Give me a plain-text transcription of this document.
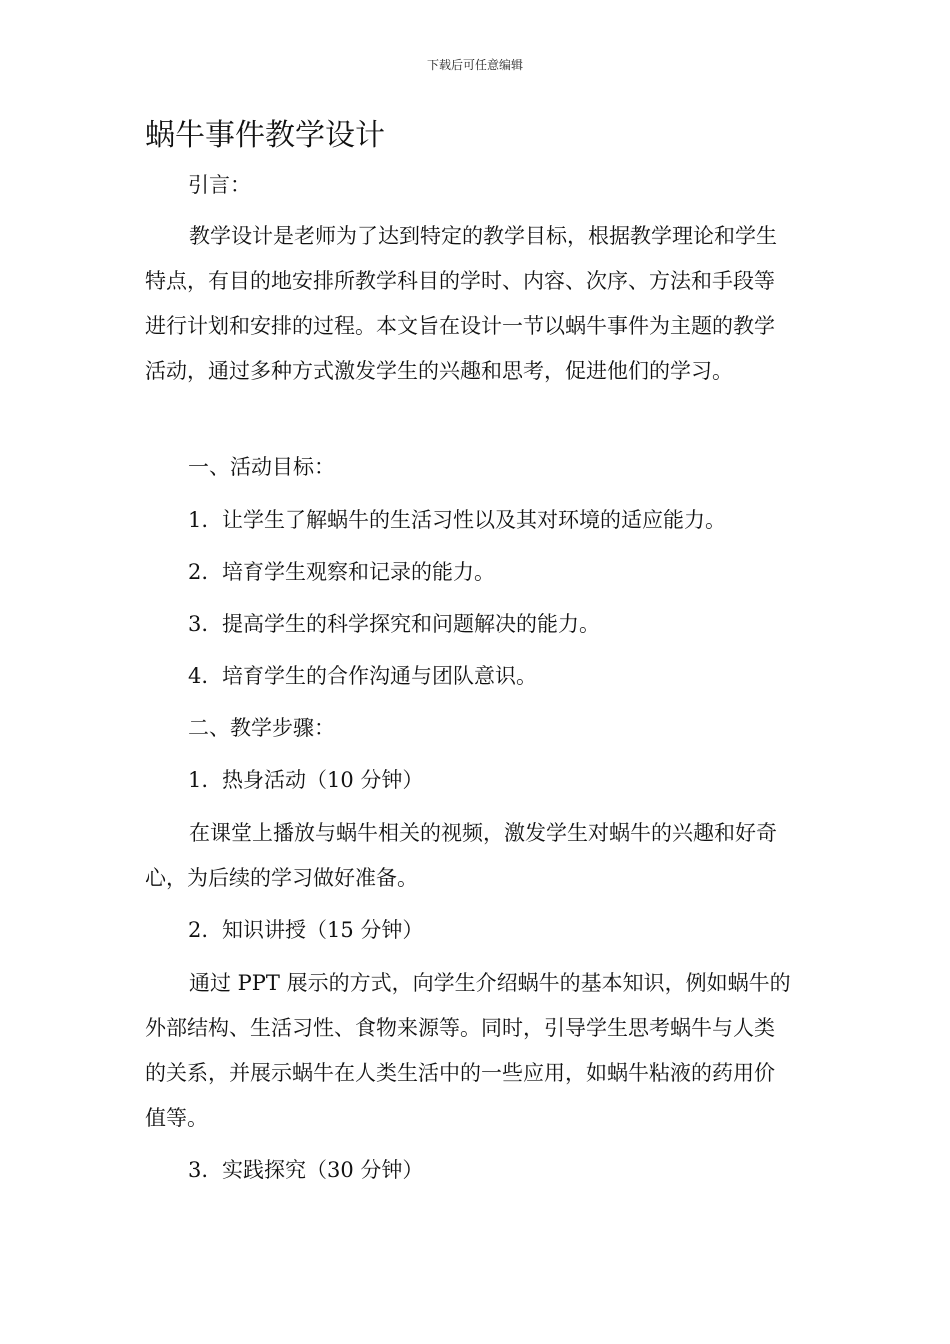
下载后可任意编辑
蜗牛事件教学设计

引言：

教学设计是老师为了达到特定的教学目标，根据教学理论和学生特点，有目的地安排所教学科目的学时、内容、次序、方法和手段等进行计划和安排的过程。本文旨在设计一节以蜗牛事件为主题的教学活动，通过多种方式激发学生的兴趣和思考，促进他们的学习。

一、活动目标：

1. 让学生了解蜗牛的生活习性以及其对环境的适应能力。

2. 培育学生观察和记录的能力。

3. 提高学生的科学探究和问题解决的能力。

4. 培育学生的合作沟通与团队意识。

二、教学步骤：

1. 热身活动（10 分钟）

在课堂上播放与蜗牛相关的视频，激发学生对蜗牛的兴趣和好奇心，为后续的学习做好准备。

2. 知识讲授（15 分钟）

通过 PPT 展示的方式，向学生介绍蜗牛的基本知识，例如蜗牛的外部结构、生活习性、食物来源等。同时，引导学生思考蜗牛与人类的关系，并展示蜗牛在人类生活中的一些应用，如蜗牛粘液的药用价值等。

3. 实践探究（30 分钟）
